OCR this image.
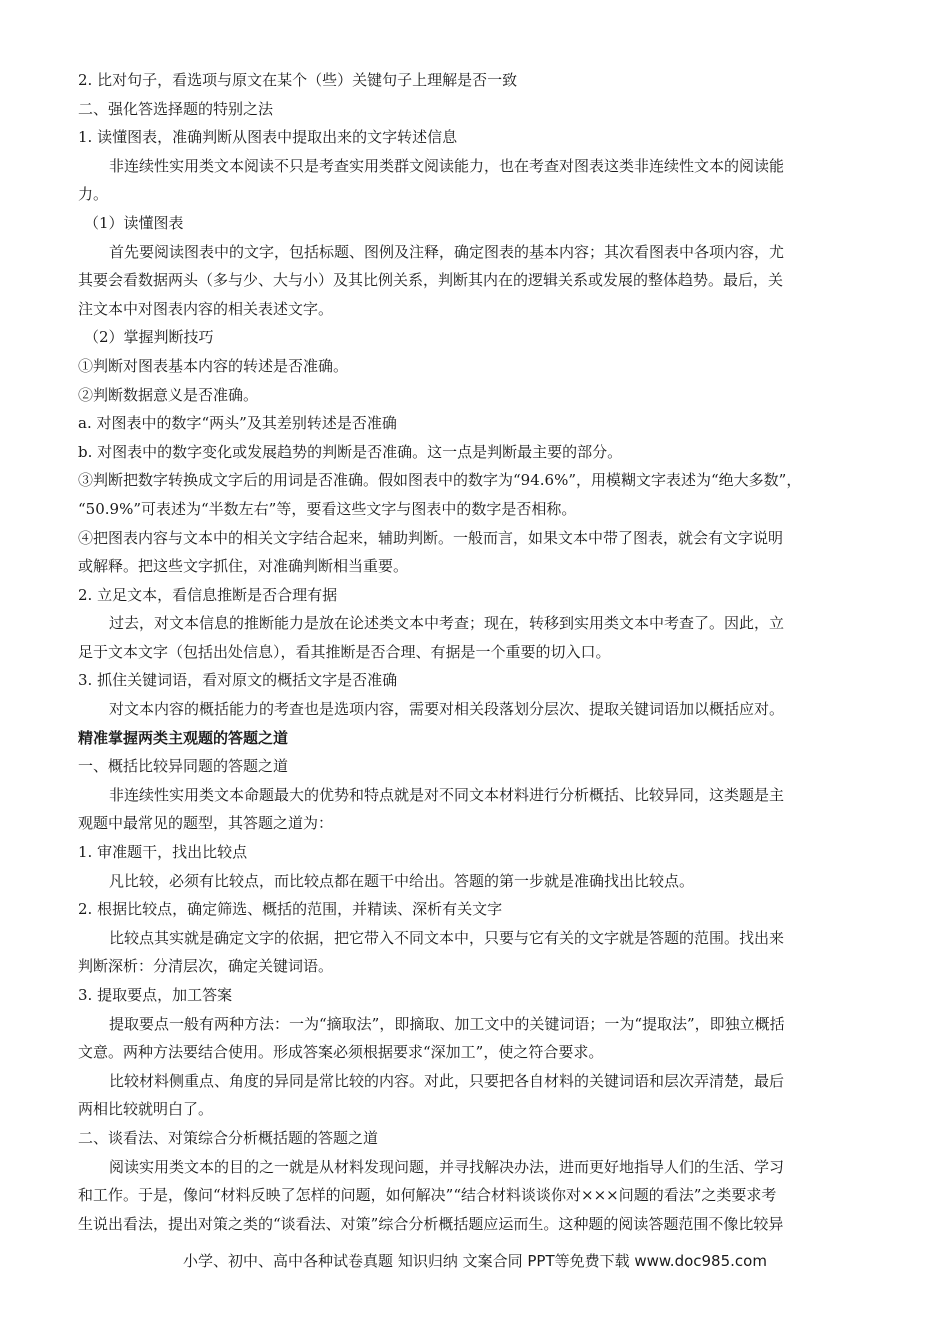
2. 比对句子，看选项与原文在某个（些）关键句子上理解是否一致
二、强化答选择题的特别之法
1. 读懂图表，准确判断从图表中提取出来的文字转述信息
非连续性实用类文本阅读不只是考查实用类群文阅读能力，也在考查对图表这类非连续性文本的阅读能
力。
（1）读懂图表
首先要阅读图表中的文字，包括标题、图例及注释，确定图表的基本内容；其次看图表中各项内容，尤
其要会看数据两头（多与少、大与小）及其比例关系，判断其内在的逻辑关系或发展的整体趋势。最后，关
注文本中对图表内容的相关表述文字。
（2）掌握判断技巧
①判断对图表基本内容的转述是否准确。
②判断数据意义是否准确。
a. 对图表中的数字“两头”及其差别转述是否准确
b. 对图表中的数字变化或发展趋势的判断是否准确。这一点是判断最主要的部分。
③判断把数字转换成文字后的用词是否准确。假如图表中的数字为“94.6%”，用模糊文字表述为“绝大多数”，
“50.9%”可表述为“半数左右”等，要看这些文字与图表中的数字是否相称。
④把图表内容与文本中的相关文字结合起来，辅助判断。一般而言，如果文本中带了图表，就会有文字说明
或解释。把这些文字抓住，对准确判断相当重要。
2. 立足文本，看信息推断是否合理有据
过去，对文本信息的推断能力是放在论述类文本中考查；现在，转移到实用类文本中考查了。因此，立
足于文本文字（包括出处信息），看其推断是否合理、有据是一个重要的切入口。
3. 抓住关键词语，看对原文的概括文字是否准确
对文本内容的概括能力的考查也是选项内容，需要对相关段落划分层次、提取关键词语加以概括应对。
精准掌握两类主观题的答题之道
一、概括比较异同题的答题之道
非连续性实用类文本命题最大的优势和特点就是对不同文本材料进行分析概括、比较异同，这类题是主
观题中最常见的题型，其答题之道为：
1. 审准题干，找出比较点
凡比较，必须有比较点，而比较点都在题干中给出。答题的第一步就是准确找出比较点。
2. 根据比较点，确定筛选、概括的范围，并精读、深析有关文字
比较点其实就是确定文字的依据，把它带入不同文本中，只要与它有关的文字就是答题的范围。找出来
判断深析：分清层次，确定关键词语。
3. 提取要点，加工答案
提取要点一般有两种方法：一为“摘取法”，即摘取、加工文中的关键词语；一为“提取法”，即独立概括
文意。两种方法要结合使用。形成答案必须根据要求“深加工”，使之符合要求。
比较材料侧重点、角度的异同是常比较的内容。对此，只要把各自材料的关键词语和层次弄清楚，最后
两相比较就明白了。
二、谈看法、对策综合分析概括题的答题之道
阅读实用类文本的目的之一就是从材料发现问题，并寻找解决办法，进而更好地指导人们的生活、学习
和工作。于是，像问“材料反映了怎样的问题，如何解决”“结合材料谈谈你对×××问题的看法”之类要求考
生说出看法，提出对策之类的“谈看法、对策”综合分析概括题应运而生。这种题的阅读答题范围不像比较异
小学、初中、高中各种试卷真题 知识归纳 文案合同 PPT等免费下载 www.doc985.com
